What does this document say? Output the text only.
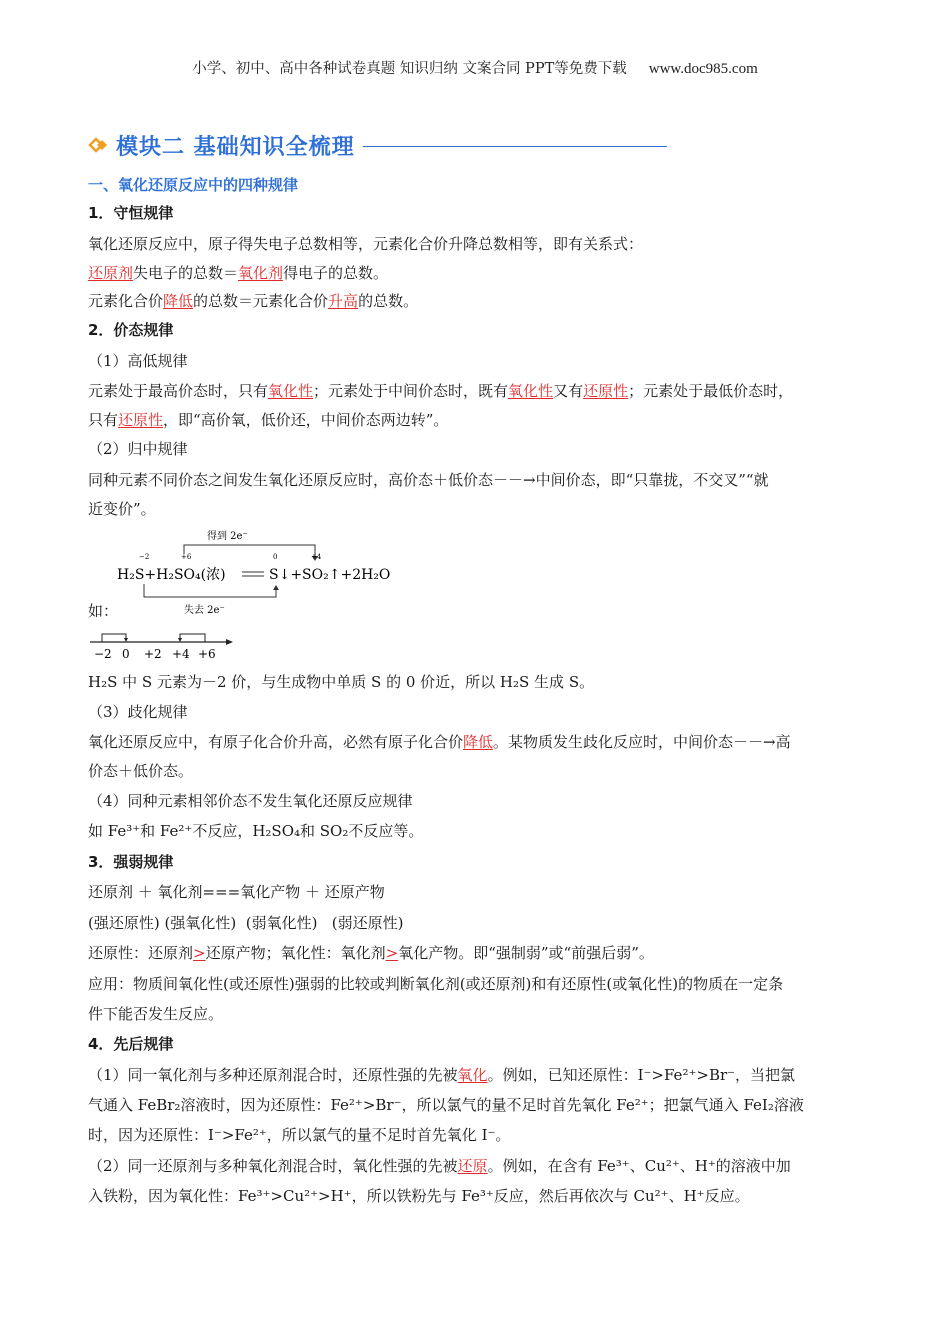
小学、初中、高中各种试卷真题 知识归纳 文案合同 PPT等免费下载 www.doc985.com
模块二 基础知识全梳理
一、氧化还原反应中的四种规律
1．守恒规律
氧化还原反应中，原子得失电子总数相等，元素化合价升降总数相等，即有关系式：
还原剂失电子的总数＝氧化剂得电子的总数。
元素化合价降低的总数＝元素化合价升高的总数。
2．价态规律
（1）高低规律
元素处于最高价态时，只有氧化性；元素处于中间价态时，既有氧化性又有还原性；元素处于最低价态时，
只有还原性，即“高价氧，低价还，中间价态两边转”。
（2）归中规律
同种元素不同价态之间发生氧化还原反应时，高价态＋低价态－－→中间价态，即“只靠拢，不交叉”“就
近变价”。
得到 2e⁻
−2	+6	0	+4
H₂S+H₂SO₄(浓)	S↓+SO₂↑+2H₂O
失去 2e⁻
如：
−2 0 +2 +4 +6
H₂S 中 S 元素为－2 价，与生成物中单质 S 的 0 价近，所以 H₂S 生成 S。
（3）歧化规律
氧化还原反应中，有原子化合价升高，必然有原子化合价降低。某物质发生歧化反应时，中间价态－－→高
价态＋低价态。
（4）同种元素相邻价态不发生氧化还原反应规律
如 Fe³⁺和 Fe²⁺不反应，H₂SO₄和 SO₂不反应等。
3．强弱规律
还原剂 ＋ 氧化剂===氧化产物 ＋ 还原产物
(强还原性) (强氧化性)  (弱氧化性)   (弱还原性)
还原性：还原剂>还原产物；氧化性：氧化剂>氧化产物。即“强制弱”或“前强后弱”。
应用：物质间氧化性(或还原性)强弱的比较或判断氧化剂(或还原剂)和有还原性(或氧化性)的物质在一定条
件下能否发生反应。
4．先后规律
（1）同一氧化剂与多种还原剂混合时，还原性强的先被氧化。例如，已知还原性：I⁻>Fe²⁺>Br⁻，当把氯
气通入 FeBr₂溶液时，因为还原性：Fe²⁺>Br⁻，所以氯气的量不足时首先氧化 Fe²⁺；把氯气通入 FeI₂溶液
时，因为还原性：I⁻>Fe²⁺，所以氯气的量不足时首先氧化 I⁻。
（2）同一还原剂与多种氧化剂混合时，氧化性强的先被还原。例如，在含有 Fe³⁺、Cu²⁺、H⁺的溶液中加
入铁粉，因为氧化性：Fe³⁺>Cu²⁺>H⁺，所以铁粉先与 Fe³⁺反应，然后再依次与 Cu²⁺、H⁺反应。
